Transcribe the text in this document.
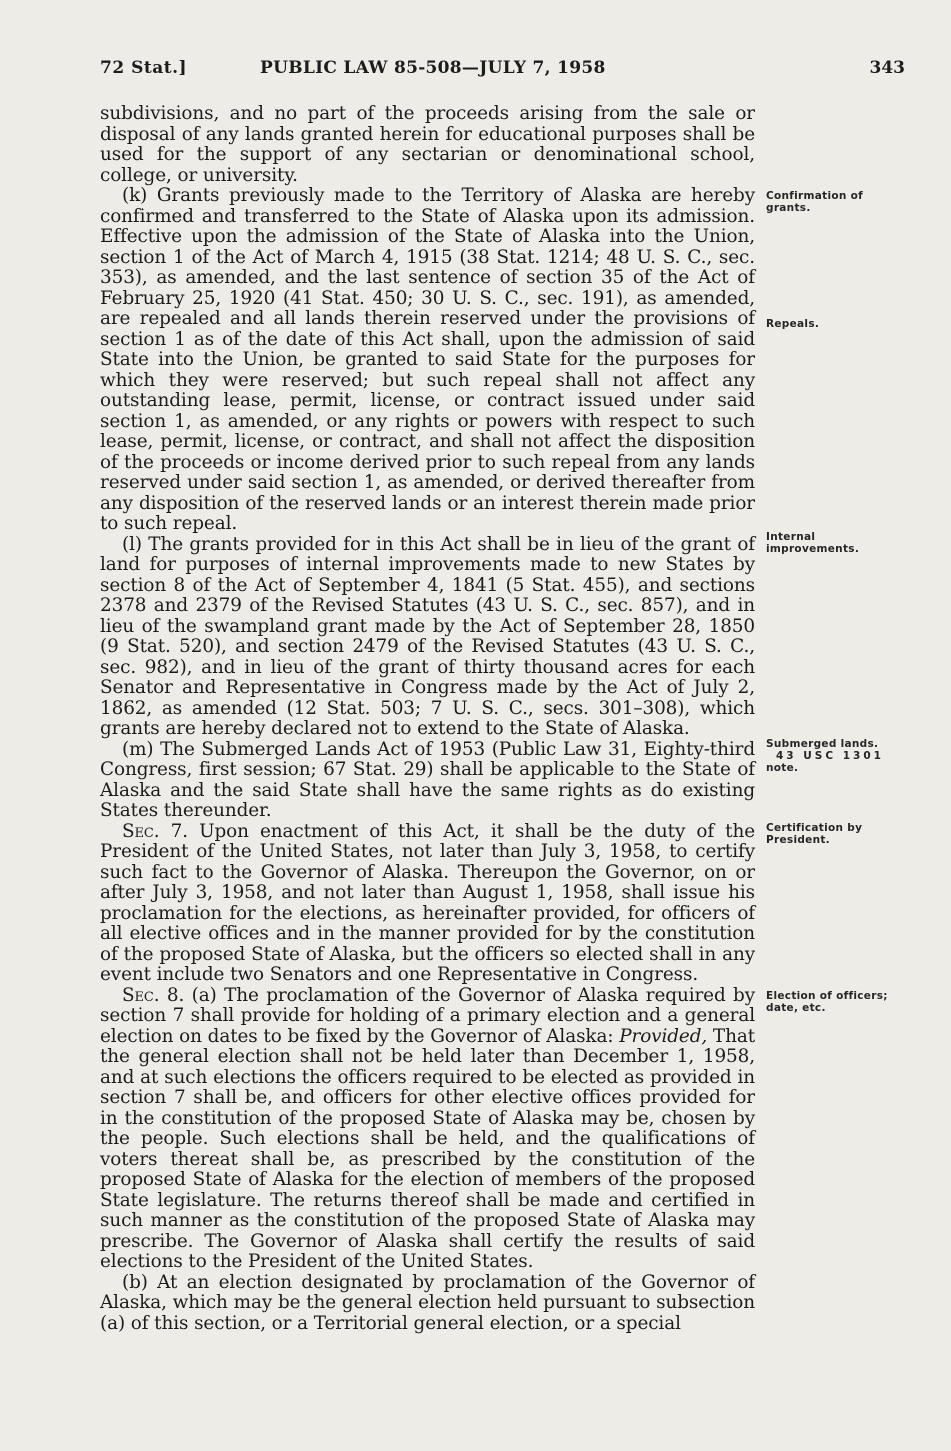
72 Stat.]	PUBLIC LAW 85-508—JULY 7, 1958	343

subdivisions, and no part of the proceeds arising from the sale or disposal of any lands granted herein for educational purposes shall be used for the support of any sectarian or denominational school, college, or university.

(k) Grants previously made to the Territory of Alaska are hereby confirmed and transferred to the State of Alaska upon its admission. Effective upon the admission of the State of Alaska into the Union, section 1 of the Act of March 4, 1915 (38 Stat. 1214; 48 U. S. C., sec. 353), as amended, and the last sentence of section 35 of the Act of February 25, 1920 (41 Stat. 450; 30 U. S. C., sec. 191), as amended, are repealed and all lands therein reserved under the provisions of section 1 as of the date of this Act shall, upon the admission of said State into the Union, be granted to said State for the purposes for which they were reserved; but such repeal shall not affect any outstanding lease, permit, license, or contract issued under said section 1, as amended, or any rights or powers with respect to such lease, permit, license, or contract, and shall not affect the disposition of the proceeds or income derived prior to such repeal from any lands reserved under said section 1, as amended, or derived thereafter from any disposition of the reserved lands or an interest therein made prior to such repeal.

(l) The grants provided for in this Act shall be in lieu of the grant of land for purposes of internal improvements made to new States by section 8 of the Act of September 4, 1841 (5 Stat. 455), and sections 2378 and 2379 of the Revised Statutes (43 U. S. C., sec. 857), and in lieu of the swampland grant made by the Act of September 28, 1850 (9 Stat. 520), and section 2479 of the Revised Statutes (43 U. S. C., sec. 982), and in lieu of the grant of thirty thousand acres for each Senator and Representative in Congress made by the Act of July 2, 1862, as amended (12 Stat. 503; 7 U. S. C., secs. 301–308), which grants are hereby declared not to extend to the State of Alaska.

(m) The Submerged Lands Act of 1953 (Public Law 31, Eighty-third Congress, first session; 67 Stat. 29) shall be applicable to the State of Alaska and the said State shall have the same rights as do existing States thereunder.

Sec. 7. Upon enactment of this Act, it shall be the duty of the President of the United States, not later than July 3, 1958, to certify such fact to the Governor of Alaska. Thereupon the Governor, on or after July 3, 1958, and not later than August 1, 1958, shall issue his proclamation for the elections, as hereinafter provided, for officers of all elective offices and in the manner provided for by the constitution of the proposed State of Alaska, but the officers so elected shall in any event include two Senators and one Representative in Congress.

Sec. 8. (a) The proclamation of the Governor of Alaska required by section 7 shall provide for holding of a primary election and a general election on dates to be fixed by the Governor of Alaska: Provided, That the general election shall not be held later than December 1, 1958, and at such elections the officers required to be elected as provided in section 7 shall be, and officers for other elective offices provided for in the constitution of the proposed State of Alaska may be, chosen by the people. Such elections shall be held, and the qualifications of voters thereat shall be, as prescribed by the constitution of the proposed State of Alaska for the election of members of the proposed State legislature. The returns thereof shall be made and certified in such manner as the constitution of the proposed State of Alaska may prescribe. The Governor of Alaska shall certify the results of said elections to the President of the United States.

(b) At an election designated by proclamation of the Governor of Alaska, which may be the general election held pursuant to subsection (a) of this section, or a Territorial general election, or a special

Confirmation of grants.
Repeals.
Internal improvements.
Submerged lands.
43 USC 1301
note.
Certification by President.
Election of officers; date, etc.
